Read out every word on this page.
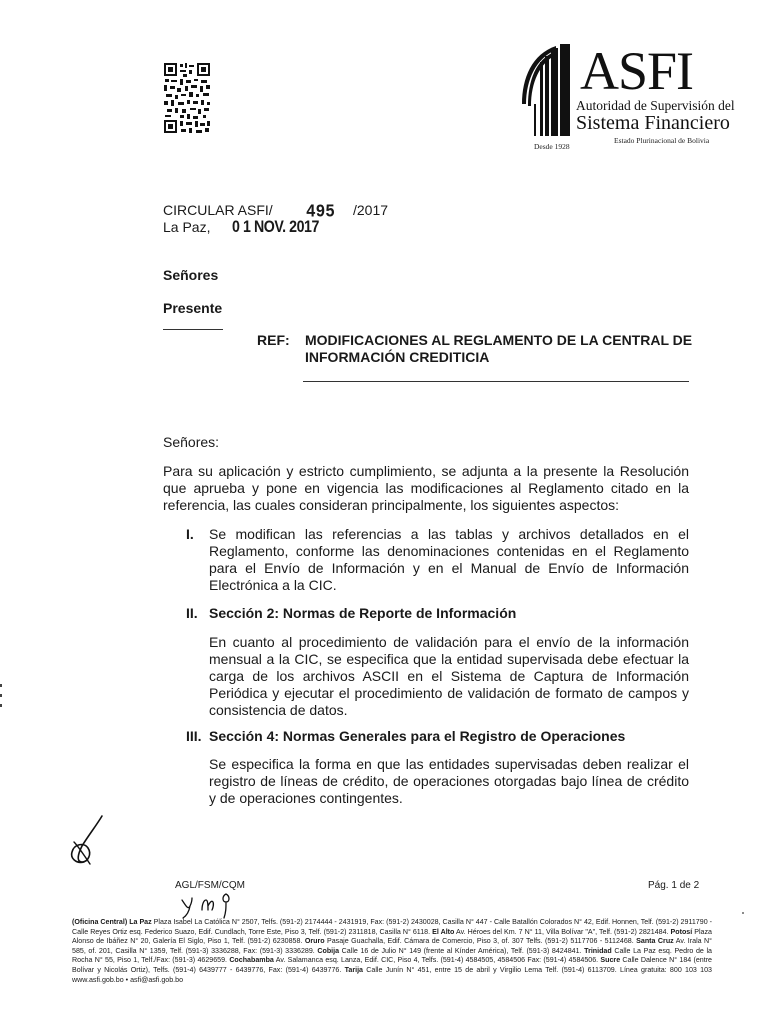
ASFI
Autoridad de Supervisión del
Sistema Financiero
Estado Plurinacional de Bolivia
Desde 1928
CIRCULAR ASFI/ 495 /2017
La Paz, 0 1 NOV. 2017
Señores
Presente
REF: MODIFICACIONES AL REGLAMENTO DE LA CENTRAL DE INFORMACIÓN CREDITICIA
Señores:
Para su aplicación y estricto cumplimiento, se adjunta a la presente la Resolución que aprueba y pone en vigencia las modificaciones al Reglamento citado en la referencia, las cuales consideran principalmente, los siguientes aspectos:
I. Se modifican las referencias a las tablas y archivos detallados en el Reglamento, conforme las denominaciones contenidas en el Reglamento para el Envío de Información y en el Manual de Envío de Información Electrónica a la CIC.
II. Sección 2: Normas de Reporte de Información
En cuanto al procedimiento de validación para el envío de la información mensual a la CIC, se especifica que la entidad supervisada debe efectuar la carga de los archivos ASCII en el Sistema de Captura de Información Periódica y ejecutar el procedimiento de validación de formato de campos y consistencia de datos.
III. Sección 4: Normas Generales para el Registro de Operaciones
Se especifica la forma en que las entidades supervisadas deben realizar el registro de líneas de crédito, de operaciones otorgadas bajo línea de crédito y de operaciones contingentes.
AGL/FSM/CQM	Pág. 1 de 2
(Oficina Central) La Paz Plaza Isabel La Católica N° 2507, Telfs. (591-2) 2174444 - 2431919, Fax: (591-2) 2430028, Casilla N° 447 - Calle Batallón Colorados N° 42, Edif. Honnen, Telf. (591-2) 2911790 - Calle Reyes Ortiz esq. Federico Suazo, Edif. Cundlach, Torre Este, Piso 3, Telf. (591-2) 2311818, Casilla N° 6118. El Alto Av. Héroes del Km. 7 N° 11, Villa Bolívar "A", Telf. (591-2) 2821484. Potosí Plaza Alonso de Ibáñez N° 20, Galería El Siglo, Piso 1, Telf. (591-2) 6230858. Oruro Pasaje Guachalla, Edif. Cámara de Comercio, Piso 3, of. 307 Telfs. (591-2) 5117706 - 5112468. Santa Cruz Av. Irala N° 585, of. 201, Casilla N° 1359, Telf. (591-3) 3336288, Fax: (591-3) 3336289. Cobija Calle 16 de Julio N° 149 (frente al Kínder América), Telf. (591-3) 8424841. Trinidad Calle La Paz esq. Pedro de la Rocha N° 55, Piso 1, Telf./Fax: (591-3) 4629659. Cochabamba Av. Salamanca esq. Lanza, Edif. CIC, Piso 4, Telfs. (591-4) 4584505, 4584506 Fax: (591-4) 4584506. Sucre Calle Dalence N° 184 (entre Bolívar y Nicolás Ortiz), Telfs. (591-4) 6439777 - 6439776, Fax: (591-4) 6439776. Tarija Calle Junín N° 451, entre 15 de abril y Virgilio Lema Telf. (591-4) 6113709. Línea gratuita: 800 103 103 www.asfi.gob.bo • asfi@asfi.gob.bo
